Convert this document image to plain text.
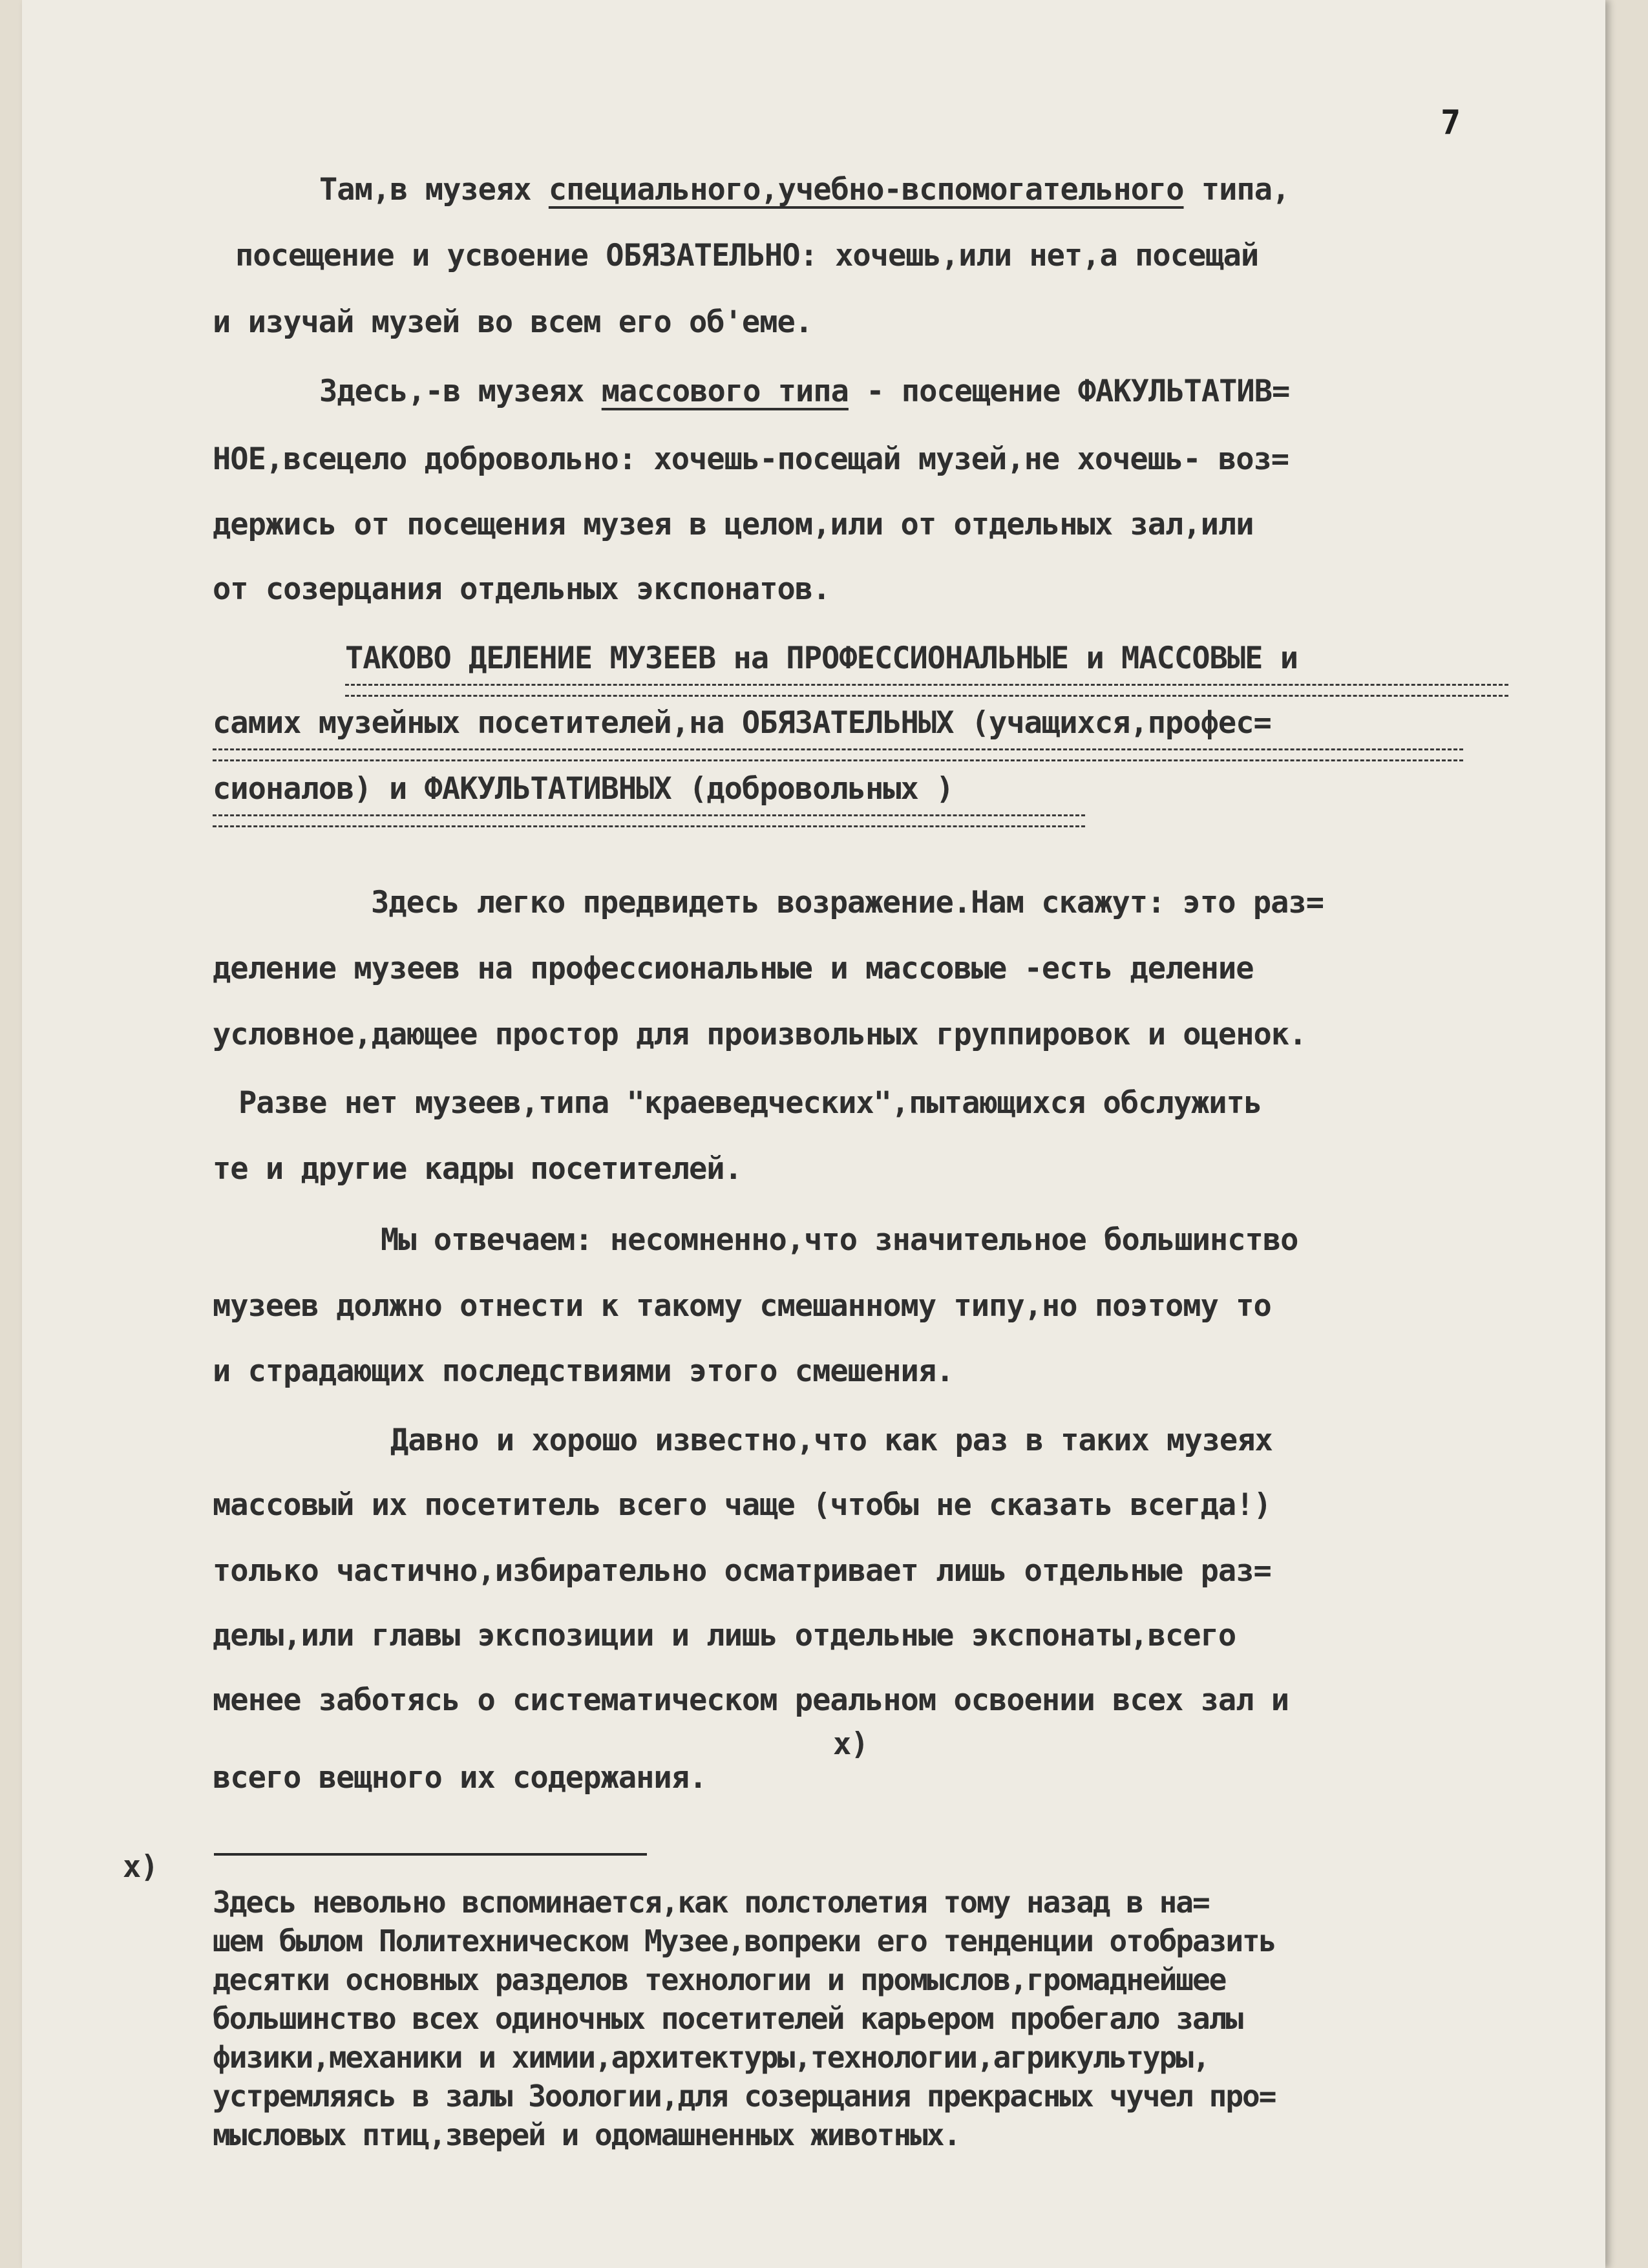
7
Там,в музеях специального,учебно-вспомогательного типа,
посещение и усвоение ОБЯЗАТЕЛЬНО: хочешь,или нет,а посещай
и изучай музей во всем его об'еме.
Здесь,-в музеях массового типа - посещение ФАКУЛЬТАТИВ=
НОЕ,всецело добровольно: хочешь-посещай музей,не хочешь- воз=
держись от посещения музея в целом,или от отдельных зал,или
от созерцания отдельных экспонатов.
ТАКОВО ДЕЛЕНИЕ МУЗЕЕВ на ПРОФЕССИОНАЛЬНЫЕ и МАССОВЫЕ и
самих музейных посетителей,на ОБЯЗАТЕЛЬНЫХ (учащихся,профес=
сионалов) и ФАКУЛЬТАТИВНЫХ (добровольных )
Здесь легко предвидеть возражение.Нам скажут: это раз=
деление музеев на профессиональные и массовые -есть деление
условное,дающее простор для произвольных группировок и оценок.
Разве нет музеев,типа "краеведческих",пытающихся обслужить
те и другие кадры посетителей.
Мы отвечаем: несомненно,что значительное большинство
музеев должно отнести к такому смешанному типу,но поэтому то
и страдающих последствиями этого смешения.
Давно и хорошо известно,что как раз в таких музеях
массовый их посетитель всего чаще (чтобы не сказать всегда!)
только частично,избирательно осматривает лишь отдельные раз=
делы,или главы экспозиции и лишь отдельные экспонаты,всего
менее заботясь о систематическом реальном освоении всех зал и
х)
всего вещного их содержания.
х)
Здесь невольно вспоминается,как полстолетия тому назад в на=
шем былом Политехническом Музее,вопреки его тенденции отобразить
десятки основных разделов технологии и промыслов,громаднейшее
большинство всех одиночных посетителей карьером пробегало залы
физики,механики и химии,архитектуры,технологии,агрикультуры,
устремляясь в залы Зоологии,для созерцания прекрасных чучел про=
мысловых птиц,зверей и одомашненных животных.
